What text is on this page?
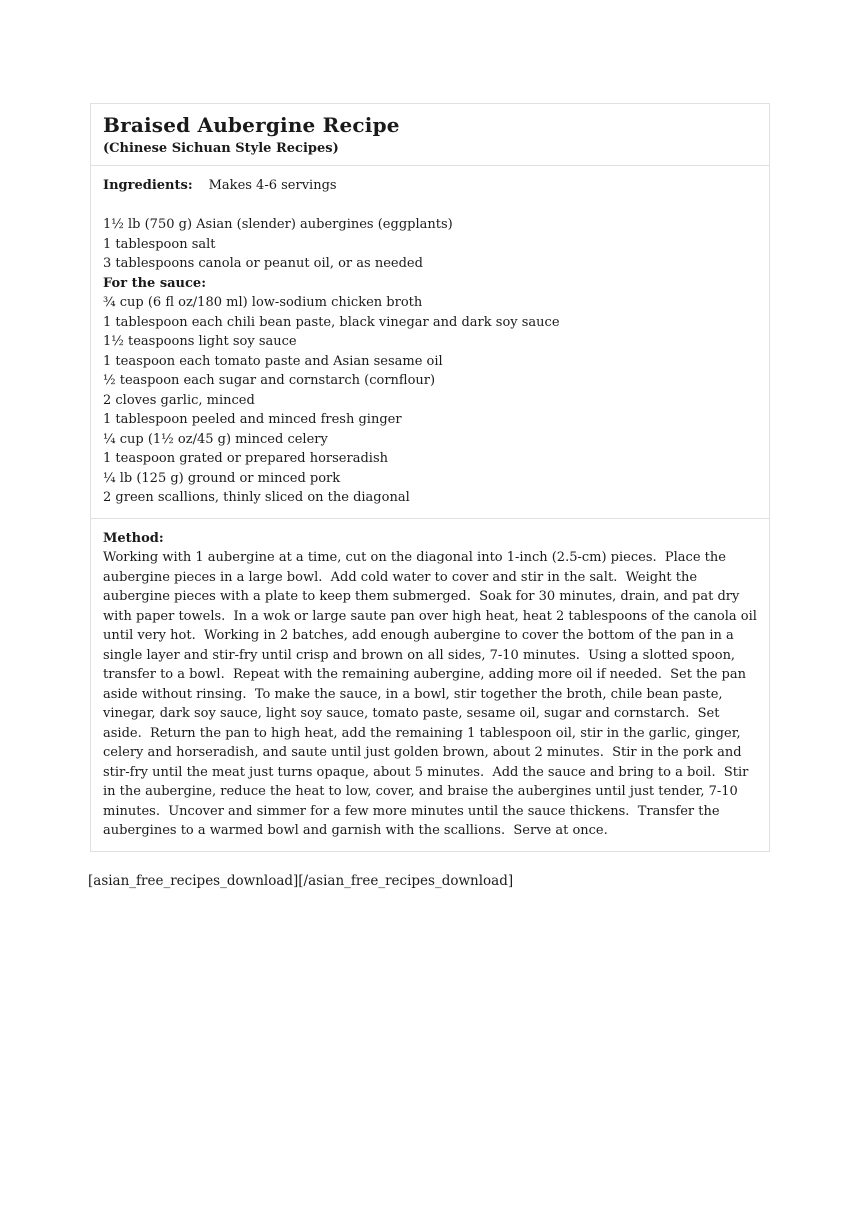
Braised Aubergine Recipe
(Chinese Sichuan Style Recipes)
Ingredients: Makes 4-6 servings
1½ lb (750 g) Asian (slender) aubergines (eggplants)
1 tablespoon salt
3 tablespoons canola or peanut oil, or as needed
For the sauce:
¾ cup (6 fl oz/180 ml) low-sodium chicken broth
1 tablespoon each chili bean paste, black vinegar and dark soy sauce
1½ teaspoons light soy sauce
1 teaspoon each tomato paste and Asian sesame oil
½ teaspoon each sugar and cornstarch (cornflour)
2 cloves garlic, minced
1 tablespoon peeled and minced fresh ginger
¼ cup (1½ oz/45 g) minced celery
1 teaspoon grated or prepared horseradish
¼ lb (125 g) ground or minced pork
2 green scallions, thinly sliced on the diagonal
Method:

Working with 1 aubergine at a time, cut on the diagonal into 1-inch (2.5-cm) pieces.  Place the aubergine pieces in a large bowl.  Add cold water to cover and stir in the salt.  Weight the aubergine pieces with a plate to keep them submerged.  Soak for 30 minutes, drain, and pat dry with paper towels.  In a wok or large saute pan over high heat, heat 2 tablespoons of the canola oil until very hot.  Working in 2 batches, add enough aubergine to cover the bottom of the pan in a single layer and stir-fry until crisp and brown on all sides, 7-10 minutes.  Using a slotted spoon, transfer to a bowl.  Repeat with the remaining aubergine, adding more oil if needed.  Set the pan aside without rinsing.  To make the sauce, in a bowl, stir together the broth, chile bean paste, vinegar, dark soy sauce, light soy sauce, tomato paste, sesame oil, sugar and cornstarch.  Set aside.  Return the pan to high heat, add the remaining 1 tablespoon oil, stir in the garlic, ginger, celery and horseradish, and saute until just golden brown, about 2 minutes.  Stir in the pork and stir-fry until the meat just turns opaque, about 5 minutes.  Add the sauce and bring to a boil.  Stir in the aubergine, reduce the heat to low, cover, and braise the aubergines until just tender, 7-10 minutes.  Uncover and simmer for a few more minutes until the sauce thickens.  Transfer the aubergines to a warmed bowl and garnish with the scallions.  Serve at once.

[asian_free_recipes_download][/asian_free_recipes_download]
